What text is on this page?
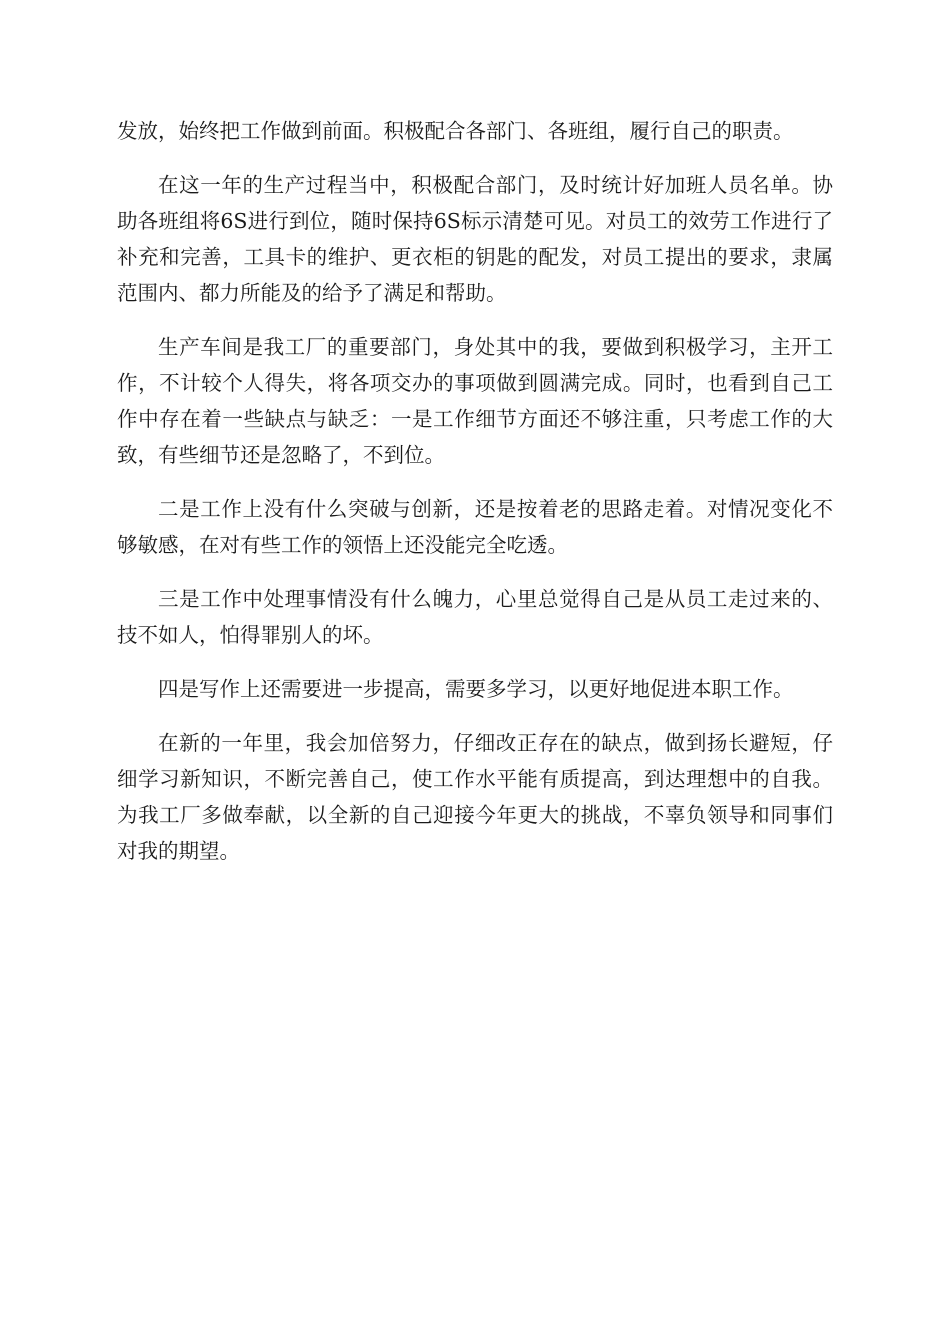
发放，始终把工作做到前面。积极配合各部门、各班组，履行自己的职责。

在这一年的生产过程当中，积极配合部门，及时统计好加班人员名单。协助各班组将6S进行到位，随时保持6S标示清楚可见。对员工的效劳工作进行了补充和完善，工具卡的维护、更衣柜的钥匙的配发，对员工提出的要求，隶属范围内、都力所能及的给予了满足和帮助。

生产车间是我工厂的重要部门，身处其中的我，要做到积极学习，主开工作，不计较个人得失，将各项交办的事项做到圆满完成。同时，也看到自己工作中存在着一些缺点与缺乏：一是工作细节方面还不够注重，只考虑工作的大致，有些细节还是忽略了，不到位。

二是工作上没有什么突破与创新，还是按着老的思路走着。对情况变化不够敏感，在对有些工作的领悟上还没能完全吃透。

三是工作中处理事情没有什么魄力，心里总觉得自己是从员工走过来的、技不如人，怕得罪别人的坏。

四是写作上还需要进一步提高，需要多学习，以更好地促进本职工作。

在新的一年里，我会加倍努力，仔细改正存在的缺点，做到扬长避短，仔细学习新知识，不断完善自己，使工作水平能有质提高，到达理想中的自我。为我工厂多做奉献，以全新的自己迎接今年更大的挑战，不辜负领导和同事们对我的期望。
